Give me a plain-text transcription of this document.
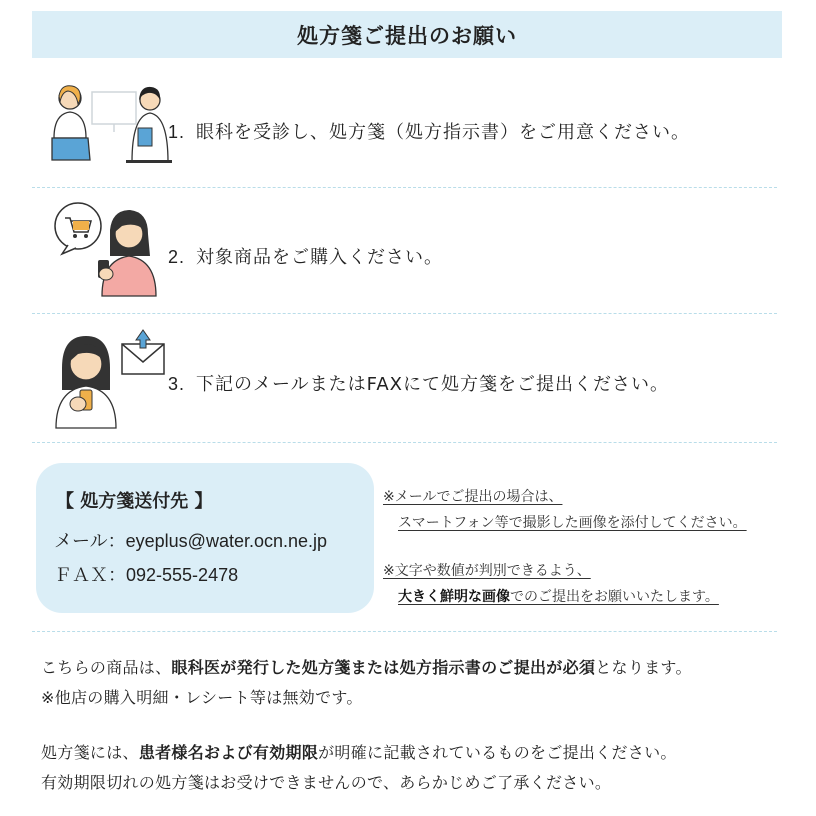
処方箋ご提出のお願い
1. 眼科を受診し、処方箋（処方指示書）をご用意ください。
2. 対象商品をご購入ください。
3. 下記のメールまたはFAXにて処方箋をご提出ください。
【 処方箋送付先 】
メール：eyeplus@water.ocn.ne.jp
ＦＡＸ：092-555-2478
※メールでご提出の場合は、
スマートフォン等で撮影した画像を添付してください。
※文字や数値が判別できるよう、
大きく鮮明な画像でのご提出をお願いいたします。
こちらの商品は、眼科医が発行した処方箋または処方指示書のご提出が必須となります。
※他店の購入明細・レシート等は無効です。
処方箋には、患者様名および有効期限が明確に記載されているものをご提出ください。
有効期限切れの処方箋はお受けできませんので、あらかじめご了承ください。
